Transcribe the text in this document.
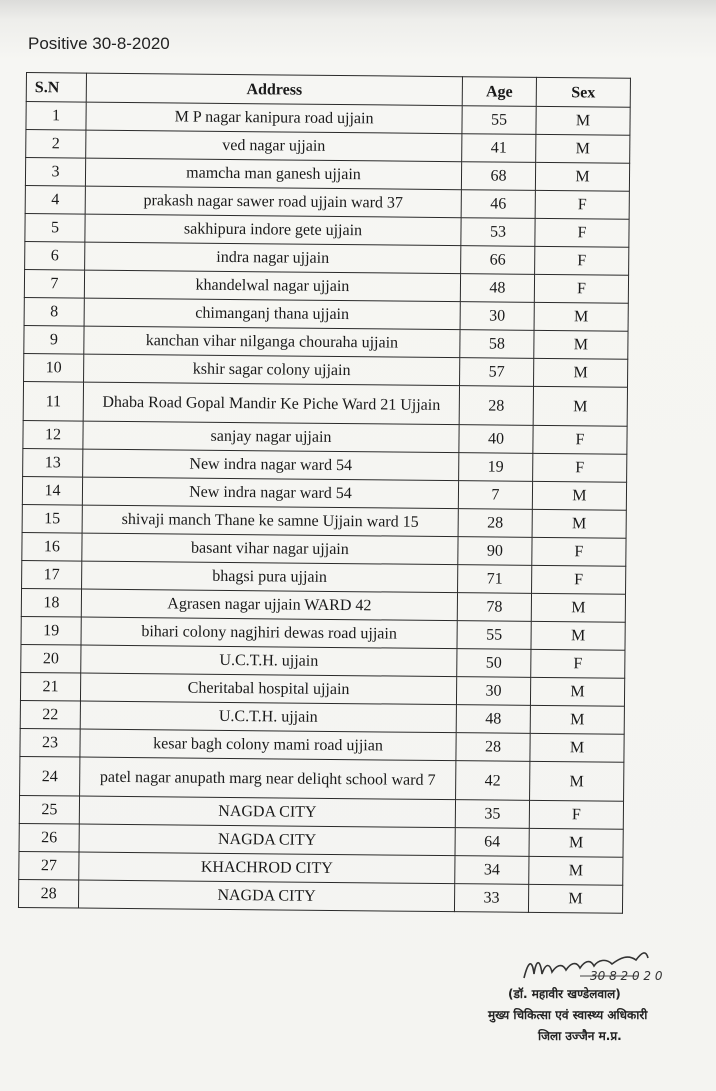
Positive 30-8-2020
S.N	Address	Age	Sex
1	M P nagar kanipura road ujjain	55	M
2	ved nagar ujjain	41	M
3	mamcha man ganesh ujjain	68	M
4	prakash nagar sawer road ujjain ward 37	46	F
5	sakhipura indore gete ujjain	53	F
6	indra nagar ujjain	66	F
7	khandelwal nagar ujjain	48	F
8	chimanganj thana ujjain	30	M
9	kanchan vihar nilganga chouraha ujjain	58	M
10	kshir sagar colony ujjain	57	M
11	Dhaba Road Gopal Mandir Ke Piche Ward 21 Ujjain	28	M
12	sanjay nagar ujjain	40	F
13	New indra nagar ward 54	19	F
14	New indra nagar ward 54	7	M
15	shivaji manch Thane ke samne Ujjain ward 15	28	M
16	basant vihar nagar ujjain	90	F
17	bhagsi pura ujjain	71	F
18	Agrasen nagar ujjain WARD 42	78	M
19	bihari colony nagjhiri dewas road ujjain	55	M
20	U.C.T.H. ujjain	50	F
21	Cheritabal hospital ujjain	30	M
22	U.C.T.H. ujjain	48	M
23	kesar bagh colony mami road ujjian	28	M
24	patel nagar anupath marg near deliqht school ward 7	42	M
25	NAGDA CITY	35	F
26	NAGDA CITY	64	M
27	KHACHROD CITY	34	M
28	NAGDA CITY	33	M
30 8 2 0 2 0
(डॉ. महावीर खण्डेलवाल)
मुख्य चिकित्सा एवं स्वास्थ्य अधिकारी
जिला उज्जैन म.प्र.
